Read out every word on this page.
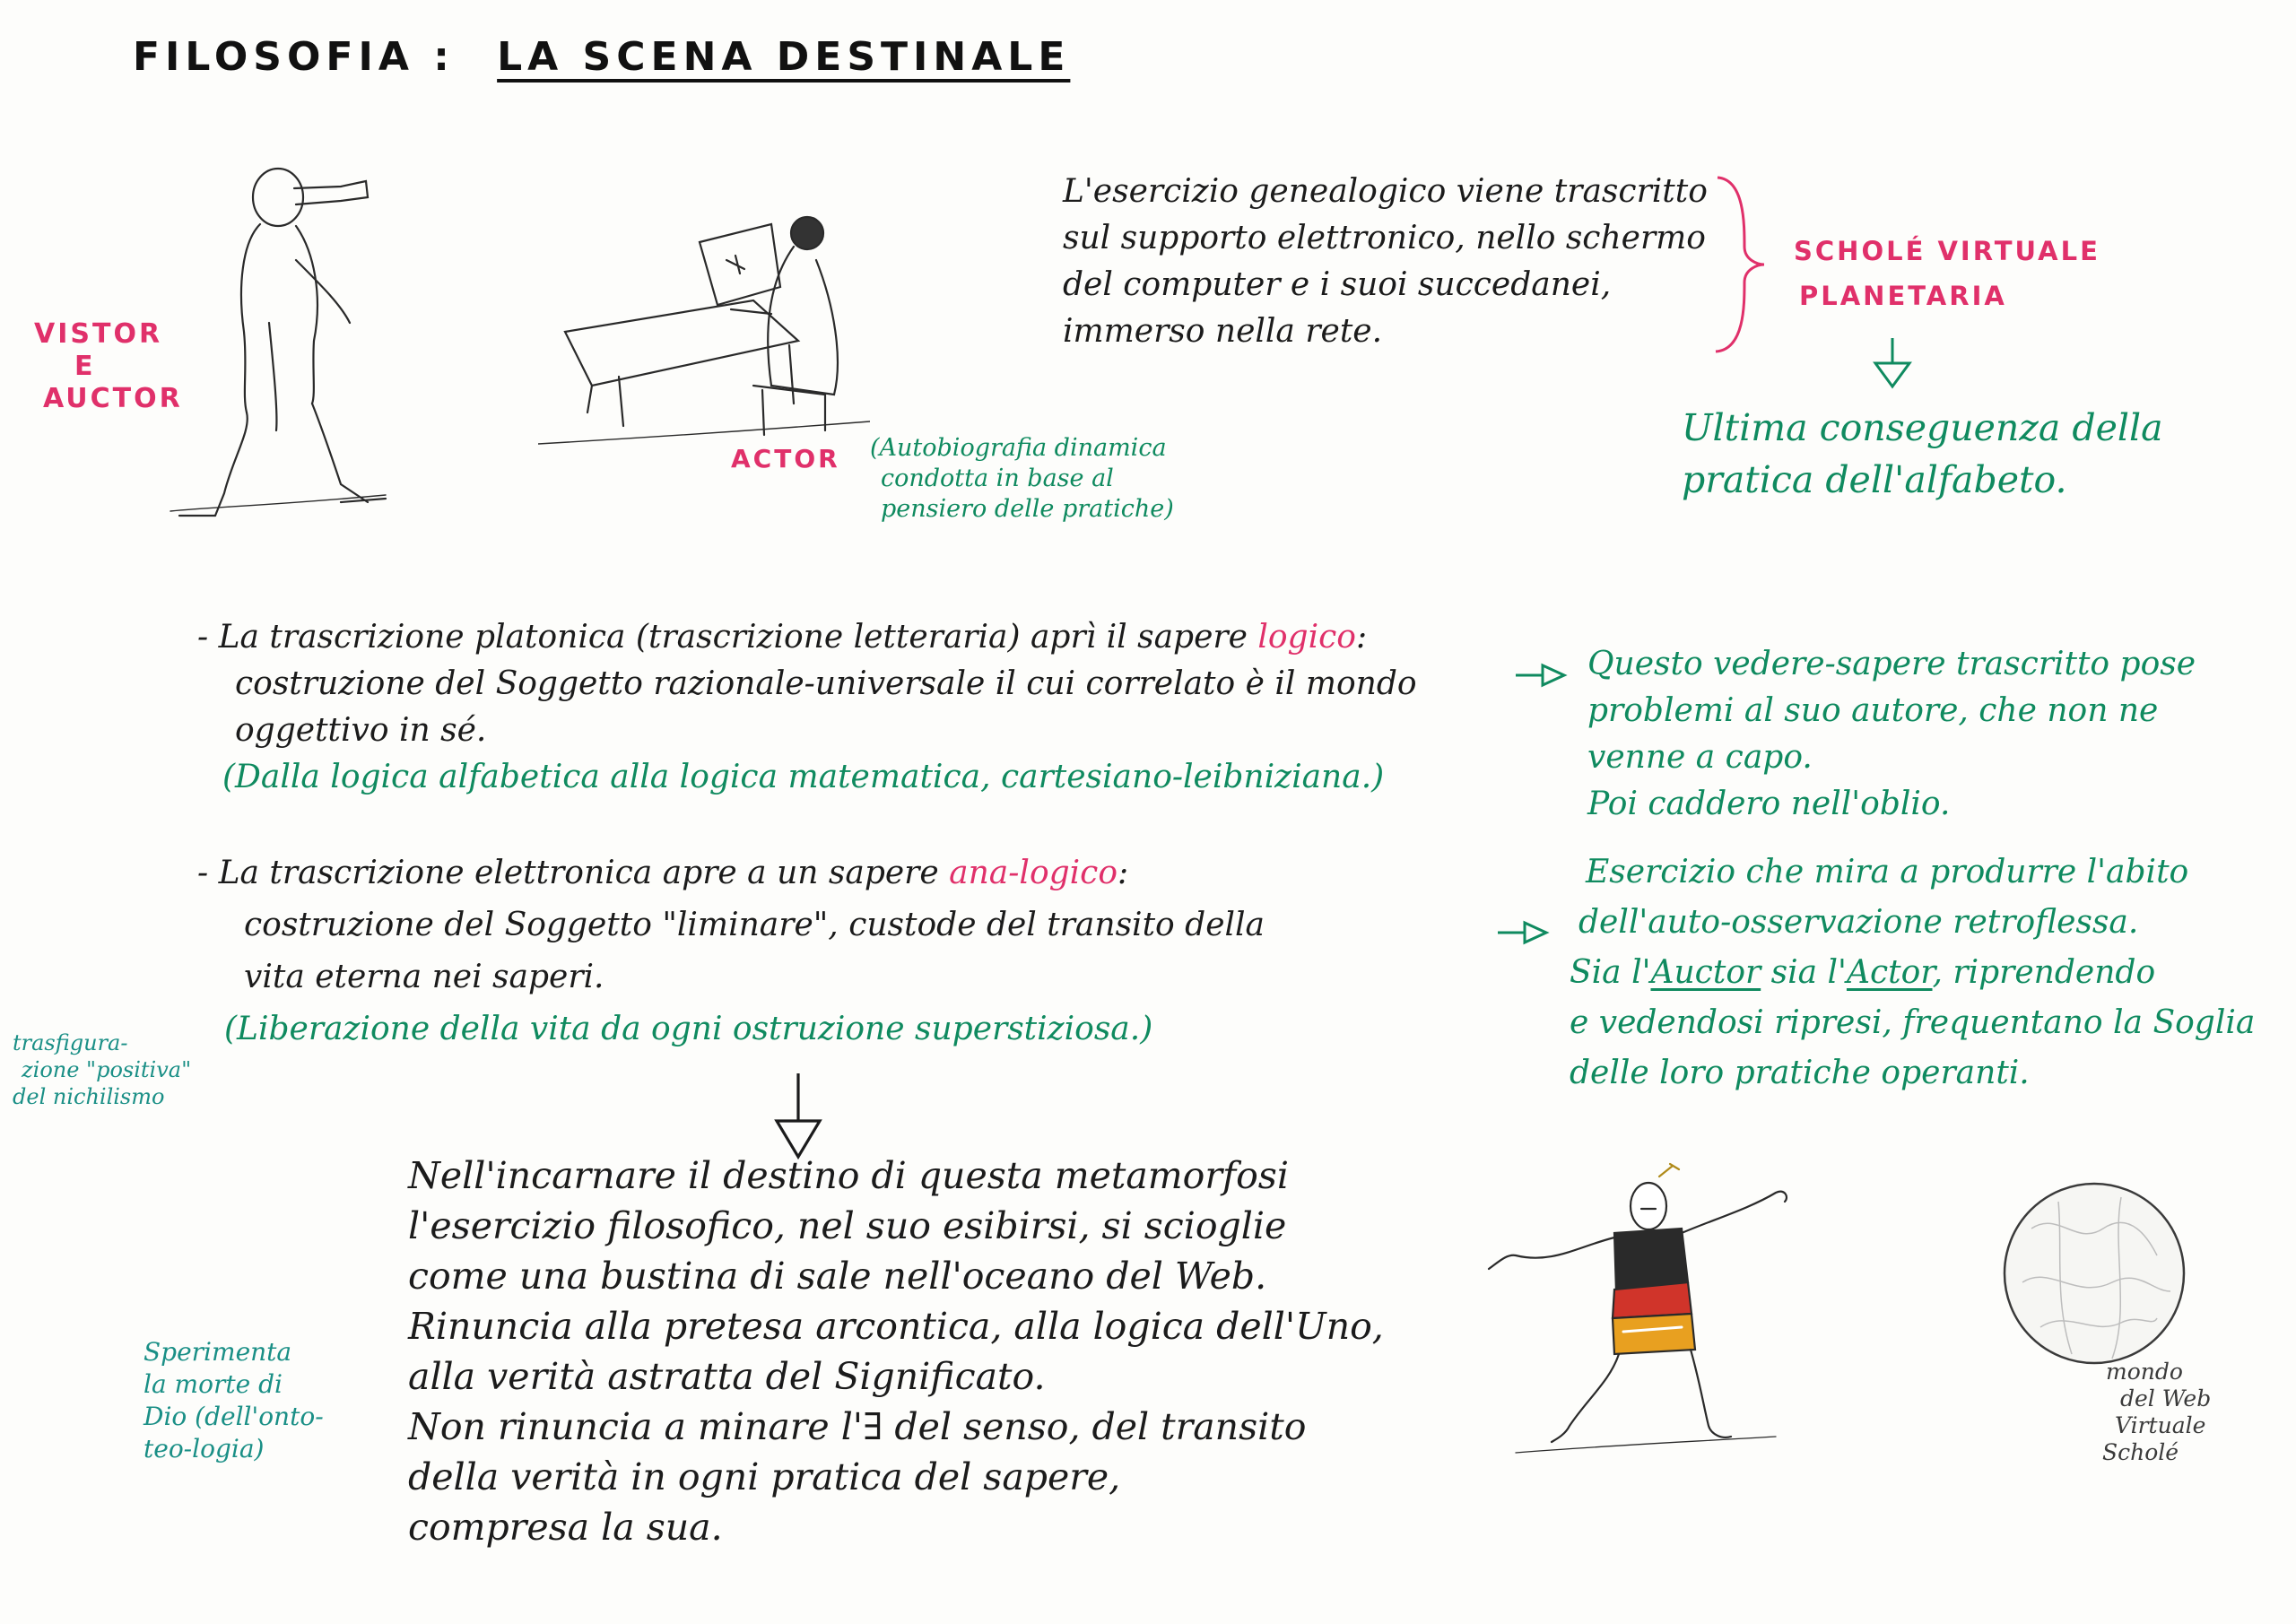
FILOSOFIA : LA SCENA DESTINALE
VISTOR
E
AUCTOR
ACTOR (Autobiografia dinamica
condotta in base al
pensiero delle pratiche)
L'esercizio genealogico viene trascritto
sul supporto elettronico, nello schermo
del computer e i suoi succedanei,
immerso nella rete.
SCHOLÉ VIRTUALE
PLANETARIA
Ultima conseguenza della
pratica dell'alfabeto.
- La trascrizione platonica (trascrizione letteraria) aprì il sapere logico:
costruzione del Soggetto razionale-universale il cui correlato è il mondo
oggettivo in sé.
(Dalla logica alfabetica alla logica matematica, cartesiano-leibniziana.)
- La trascrizione elettronica apre a un sapere ana-logico:
costruzione del Soggetto "liminare", custode del transito della
vita eterna nei saperi.
(Liberazione della vita da ogni ostruzione superstiziosa.)
trasfigura-
zione "positiva"
del nichilismo
Questo vedere-sapere trascritto pose
problemi al suo autore, che non ne
venne a capo.
Poi caddero nell'oblio.
Esercizio che mira a produrre l'abito
dell'auto-osservazione retroflessa.
Sia l'Auctor sia l'Actor, riprendendo
e vedendosi ripresi, frequentano la Soglia
delle loro pratiche operanti.
Nell'incarnare il destino di questa metamorfosi
l'esercizio filosofico, nel suo esibirsi, si scioglie
come una bustina di sale nell'oceano del Web.
Rinuncia alla pretesa arcontica, alla logica dell'Uno,
alla verità astratta del Significato.
Non rinuncia a minare l'∃ del senso, del transito
della verità in ogni pratica del sapere,
compresa la sua.
Sperimenta
la morte di
Dio (dell'onto-
teo-logia)
mondo
del Web
Virtuale
Scholé
